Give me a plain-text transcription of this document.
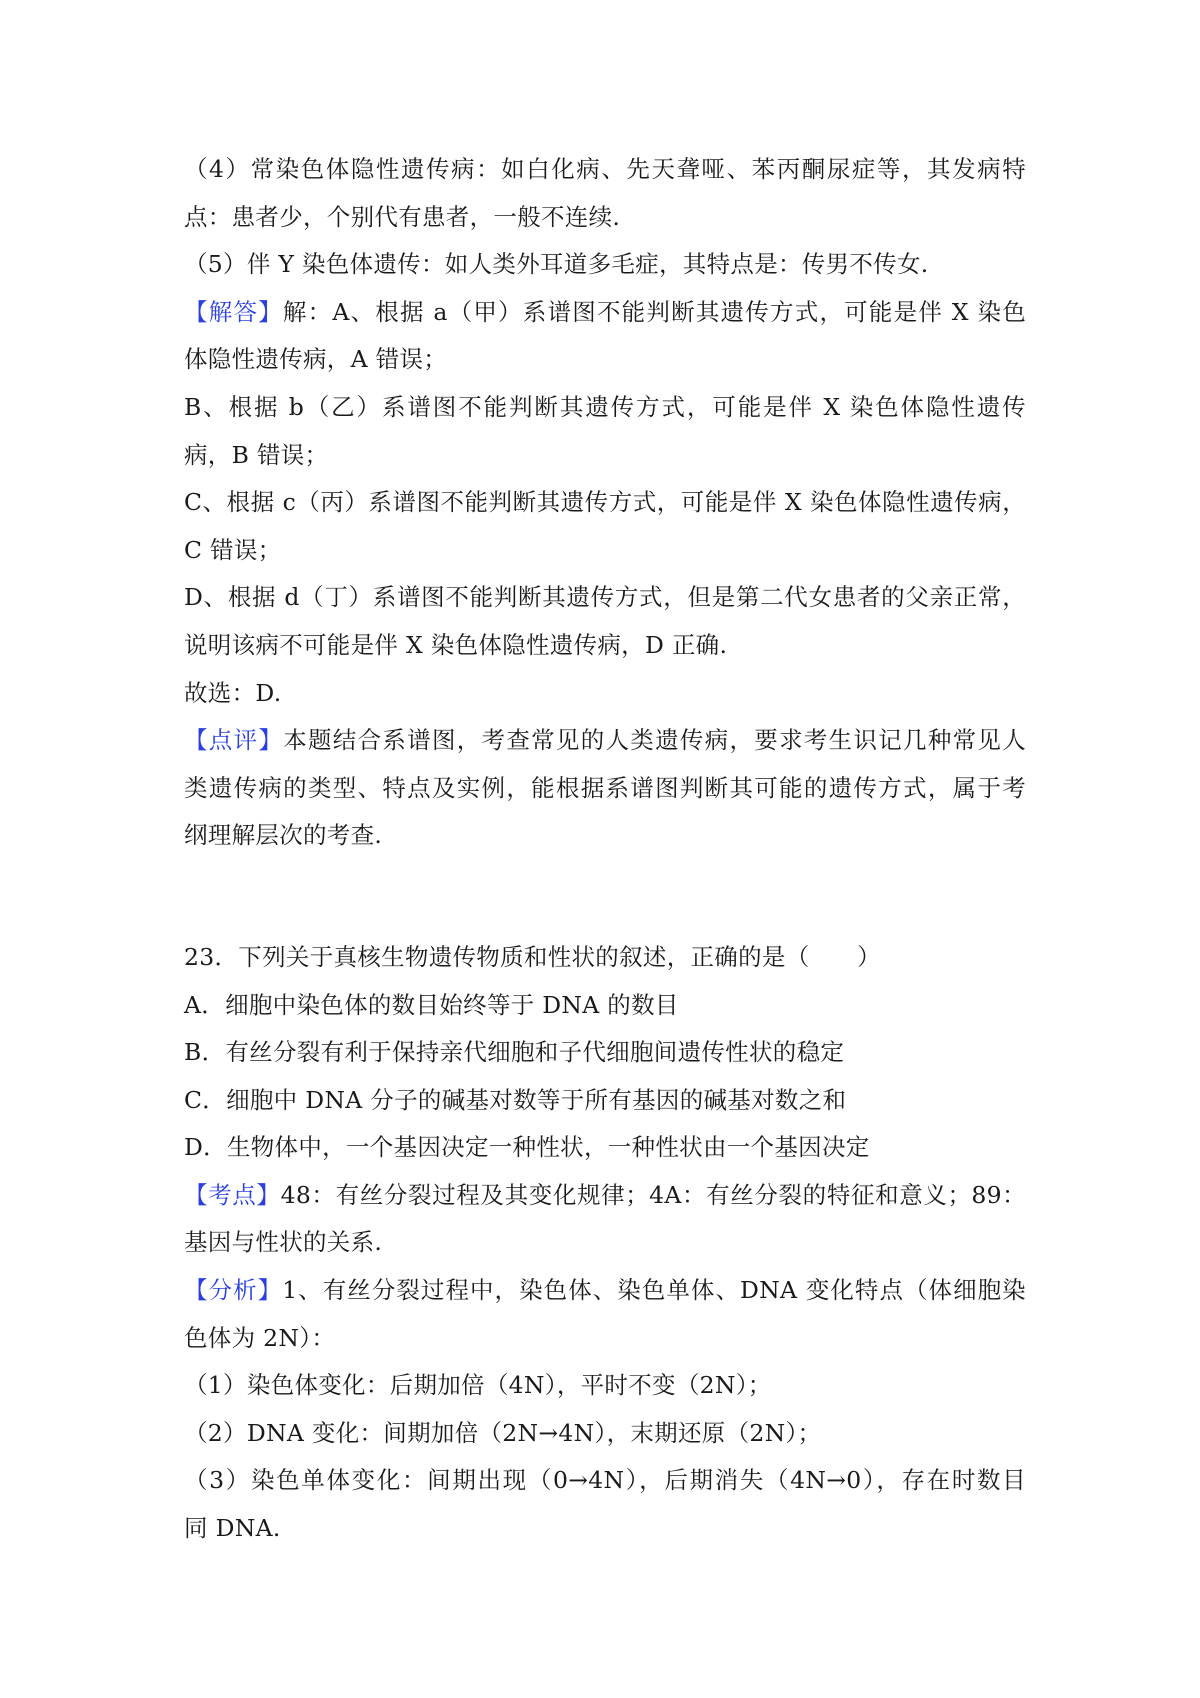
（4）常染色体隐性遗传病：如白化病、先天聋哑、苯丙酮尿症等，其发病特
点：患者少，个别代有患者，一般不连续.
（5）伴 Y 染色体遗传：如人类外耳道多毛症，其特点是：传男不传女.
【解答】解：A、根据 a（甲）系谱图不能判断其遗传方式，可能是伴 X 染色
体隐性遗传病，A 错误；
B、根据 b（乙）系谱图不能判断其遗传方式，可能是伴 X 染色体隐性遗传
病，B 错误；
C、根据 c（丙）系谱图不能判断其遗传方式，可能是伴 X 染色体隐性遗传病，
C 错误；
D、根据 d（丁）系谱图不能判断其遗传方式，但是第二代女患者的父亲正常，
说明该病不可能是伴 X 染色体隐性遗传病，D 正确.
故选：D.
【点评】本题结合系谱图，考查常见的人类遗传病，要求考生识记几种常见人
类遗传病的类型、特点及实例，能根据系谱图判断其可能的遗传方式，属于考
纲理解层次的考查.
23．下列关于真核生物遗传物质和性状的叙述，正确的是（　　）
A．细胞中染色体的数目始终等于 DNA 的数目
B．有丝分裂有利于保持亲代细胞和子代细胞间遗传性状的稳定
C．细胞中 DNA 分子的碱基对数等于所有基因的碱基对数之和
D．生物体中，一个基因决定一种性状，一种性状由一个基因决定
【考点】48：有丝分裂过程及其变化规律；4A：有丝分裂的特征和意义；89：
基因与性状的关系.
【分析】1、有丝分裂过程中，染色体、染色单体、DNA 变化特点（体细胞染
色体为 2N）：
（1）染色体变化：后期加倍（4N），平时不变（2N）；
（2）DNA 变化：间期加倍（2N→4N），末期还原（2N）；
（3）染色单体变化：间期出现（0→4N），后期消失（4N→0），存在时数目
同 DNA.
